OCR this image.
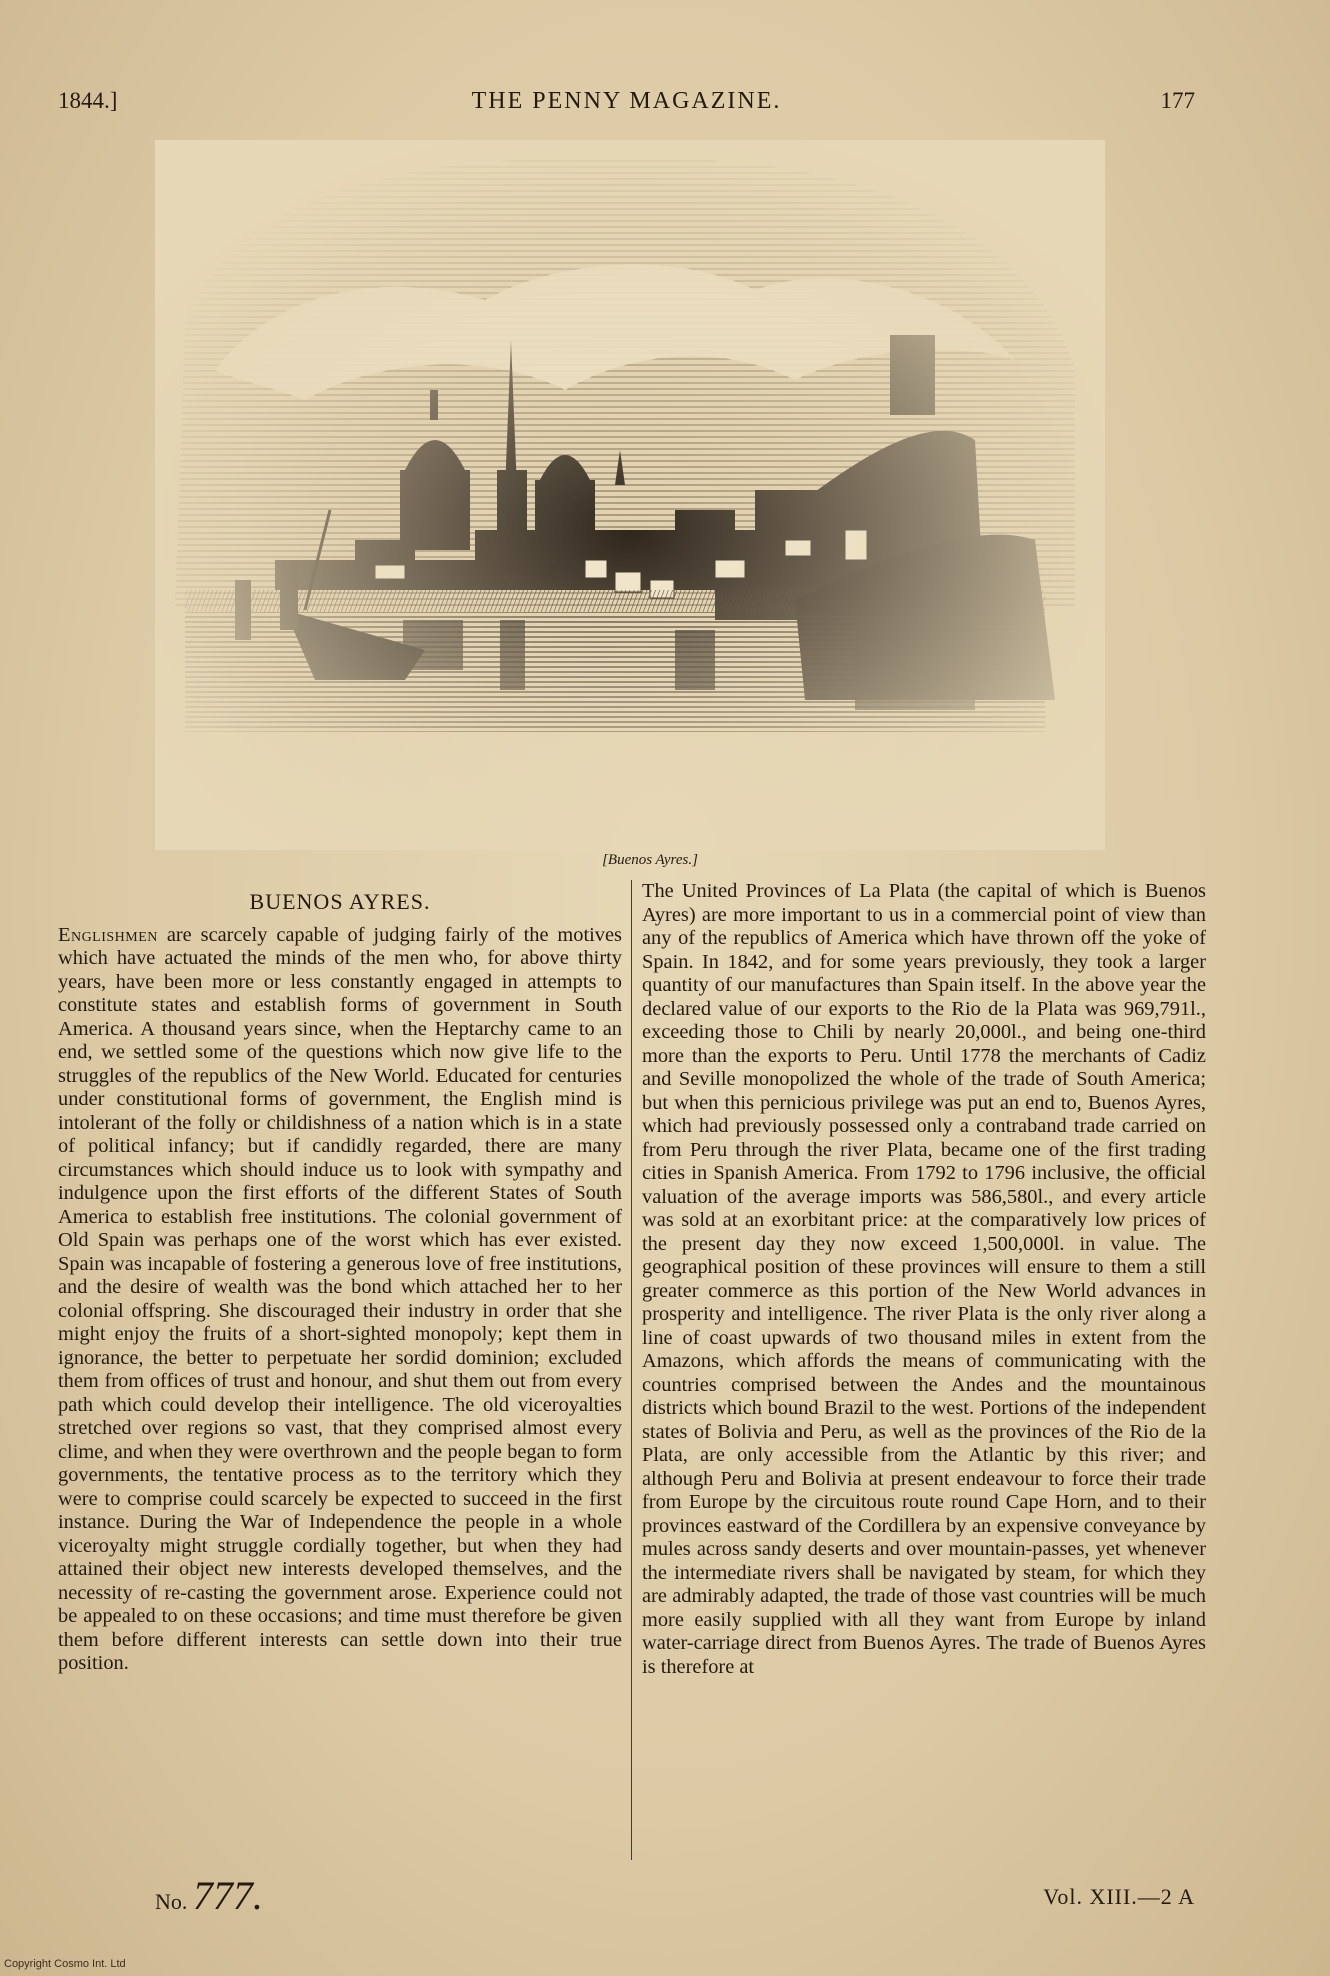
1844.]	THE PENNY MAGAZINE.	177
[Buenos Ayres.]
BUENOS AYRES.

Englishmen are scarcely capable of judging fairly of the motives which have actuated the minds of the men who, for above thirty years, have been more or less constantly engaged in attempts to constitute states and establish forms of government in South America. A thousand years since, when the Heptarchy came to an end, we settled some of the questions which now give life to the struggles of the republics of the New World. Educated for centuries under constitutional forms of government, the English mind is intolerant of the folly or childishness of a nation which is in a state of political infancy; but if candidly regarded, there are many circumstances which should induce us to look with sympathy and indulgence upon the first efforts of the different States of South America to establish free institutions. The colonial government of Old Spain was perhaps one of the worst which has ever existed. Spain was incapable of fostering a generous love of free institutions, and the desire of wealth was the bond which attached her to her colonial offspring. She discouraged their industry in order that she might enjoy the fruits of a short-sighted monopoly; kept them in ignorance, the better to perpetuate her sordid dominion; excluded them from offices of trust and honour, and shut them out from every path which could develop their intelligence. The old viceroyalties stretched over regions so vast, that they comprised almost every clime, and when they were overthrown and the people began to form governments, the tentative process as to the territory which they were to comprise could scarcely be expected to succeed in the first instance. During the War of Independence the people in a whole viceroyalty might struggle cordially together, but when they had attained their object new interests developed themselves, and the necessity of re-casting the government arose. Experience could not be appealed to on these occasions; and time must therefore be given them before different interests can settle down into their true position.

The United Provinces of La Plata (the capital of which is Buenos Ayres) are more important to us in a commercial point of view than any of the republics of America which have thrown off the yoke of Spain. In 1842, and for some years previously, they took a larger quantity of our manufactures than Spain itself. In the above year the declared value of our exports to the Rio de la Plata was 969,791l., exceeding those to Chili by nearly 20,000l., and being one-third more than the exports to Peru. Until 1778 the merchants of Cadiz and Seville monopolized the whole of the trade of South America; but when this pernicious privilege was put an end to, Buenos Ayres, which had previously possessed only a contraband trade carried on from Peru through the river Plata, became one of the first trading cities in Spanish America. From 1792 to 1796 inclusive, the official valuation of the average imports was 586,580l., and every article was sold at an exorbitant price: at the comparatively low prices of the present day they now exceed 1,500,000l. in value. The geographical position of these provinces will ensure to them a still greater commerce as this portion of the New World advances in prosperity and intelligence. The river Plata is the only river along a line of coast upwards of two thousand miles in extent from the Amazons, which affords the means of communicating with the countries comprised between the Andes and the mountainous districts which bound Brazil to the west. Portions of the independent states of Bolivia and Peru, as well as the provinces of the Rio de la Plata, are only accessible from the Atlantic by this river; and although Peru and Bolivia at present endeavour to force their trade from Europe by the circuitous route round Cape Horn, and to their provinces eastward of the Cordillera by an expensive conveyance by mules across sandy deserts and over mountain-passes, yet whenever the intermediate rivers shall be navigated by steam, for which they are admirably adapted, the trade of those vast countries will be much more easily supplied with all they want from Europe by inland water-carriage direct from Buenos Ayres. The trade of Buenos Ayres is therefore at

No. 777.	Vol. XIII.—2 A
Copyright Cosmo Int. Ltd
